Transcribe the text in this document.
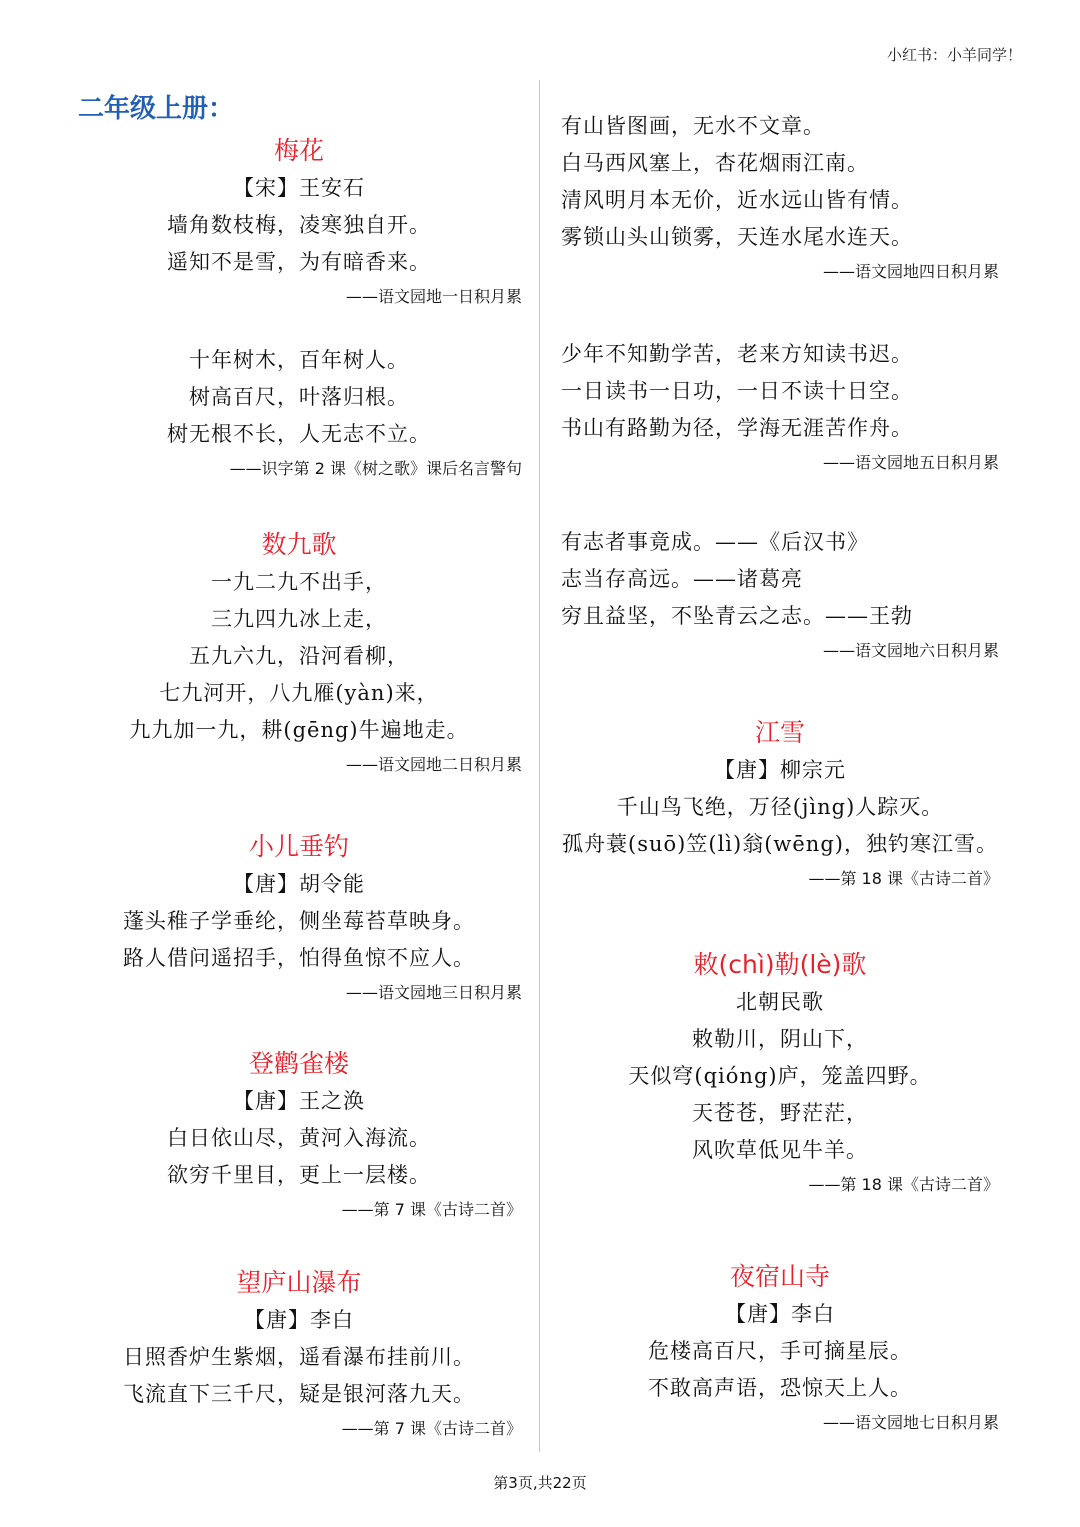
小红书：小羊同学！
二年级上册：
梅花
【宋】王安石
墙角数枝梅，凌寒独自开。
遥知不是雪，为有暗香来。
——语文园地一日积月累
十年树木，百年树人。
树高百尺，叶落归根。
树无根不长，人无志不立。
——识字第 2 课《树之歌》课后名言警句
数九歌
一九二九不出手，
三九四九冰上走，
五九六九，沿河看柳，
七九河开，八九雁(yàn)来，
九九加一九，耕(gēng)牛遍地走。
——语文园地二日积月累
小儿垂钓
【唐】胡令能
蓬头稚子学垂纶，侧坐莓苔草映身。
路人借问遥招手，怕得鱼惊不应人。
——语文园地三日积月累
登鹳雀楼
【唐】王之涣
白日依山尽，黄河入海流。
欲穷千里目，更上一层楼。
——第 7 课《古诗二首》
望庐山瀑布
【唐】李白
日照香炉生紫烟，遥看瀑布挂前川。
飞流直下三千尺，疑是银河落九天。
——第 7 课《古诗二首》
有山皆图画，无水不文章。
白马西风塞上，杏花烟雨江南。
清风明月本无价，近水远山皆有情。
雾锁山头山锁雾，天连水尾水连天。
——语文园地四日积月累
少年不知勤学苦，老来方知读书迟。
一日读书一日功，一日不读十日空。
书山有路勤为径，学海无涯苦作舟。
——语文园地五日积月累
有志者事竟成。——《后汉书》
志当存高远。——诸葛亮
穷且益坚，不坠青云之志。——王勃
——语文园地六日积月累
江雪
【唐】柳宗元
千山鸟飞绝，万径(jìng)人踪灭。
孤舟蓑(suō)笠(lì)翁(wēng)，独钓寒江雪。
——第 18 课《古诗二首》
敕(chì)勒(lè)歌
北朝民歌
敕勒川，阴山下，
天似穹(qióng)庐，笼盖四野。
天苍苍，野茫茫，
风吹草低见牛羊。
——第 18 课《古诗二首》
夜宿山寺
【唐】李白
危楼高百尺，手可摘星辰。
不敢高声语，恐惊天上人。
——语文园地七日积月累
第3页,共22页
